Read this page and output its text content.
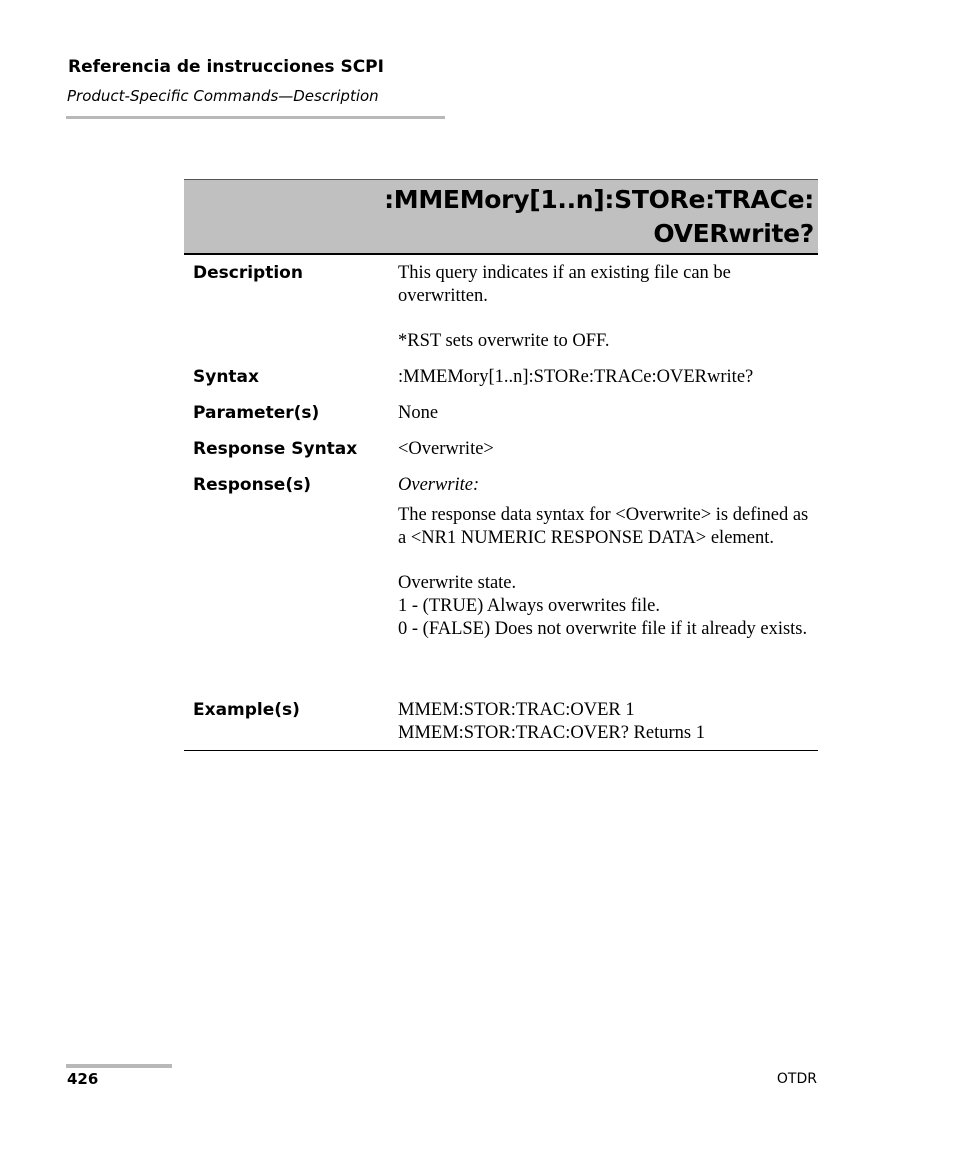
Referencia de instrucciones SCPI
Product-Specific Commands—Description
:MMEMory[1..n]:STORe:TRACe:
OVERwrite?
Description	This query indicates if an existing file can be overwritten.

*RST sets overwrite to OFF.

Syntax	:MMEMory[1..n]:STORe:TRACe:OVERwrite?
Parameter(s)	None
Response Syntax <Overwrite>
Response(s)	Overwrite:

The response data syntax for <Overwrite> is defined as a <NR1 NUMERIC RESPONSE DATA> element.

Overwrite state.

1 - (TRUE) Always overwrites file.

0 - (FALSE) Does not overwrite file if it already exists.

Example(s)	MMEM:STOR:TRAC:OVER 1

MMEM:STOR:TRAC:OVER? Returns 1

426	OTDR
